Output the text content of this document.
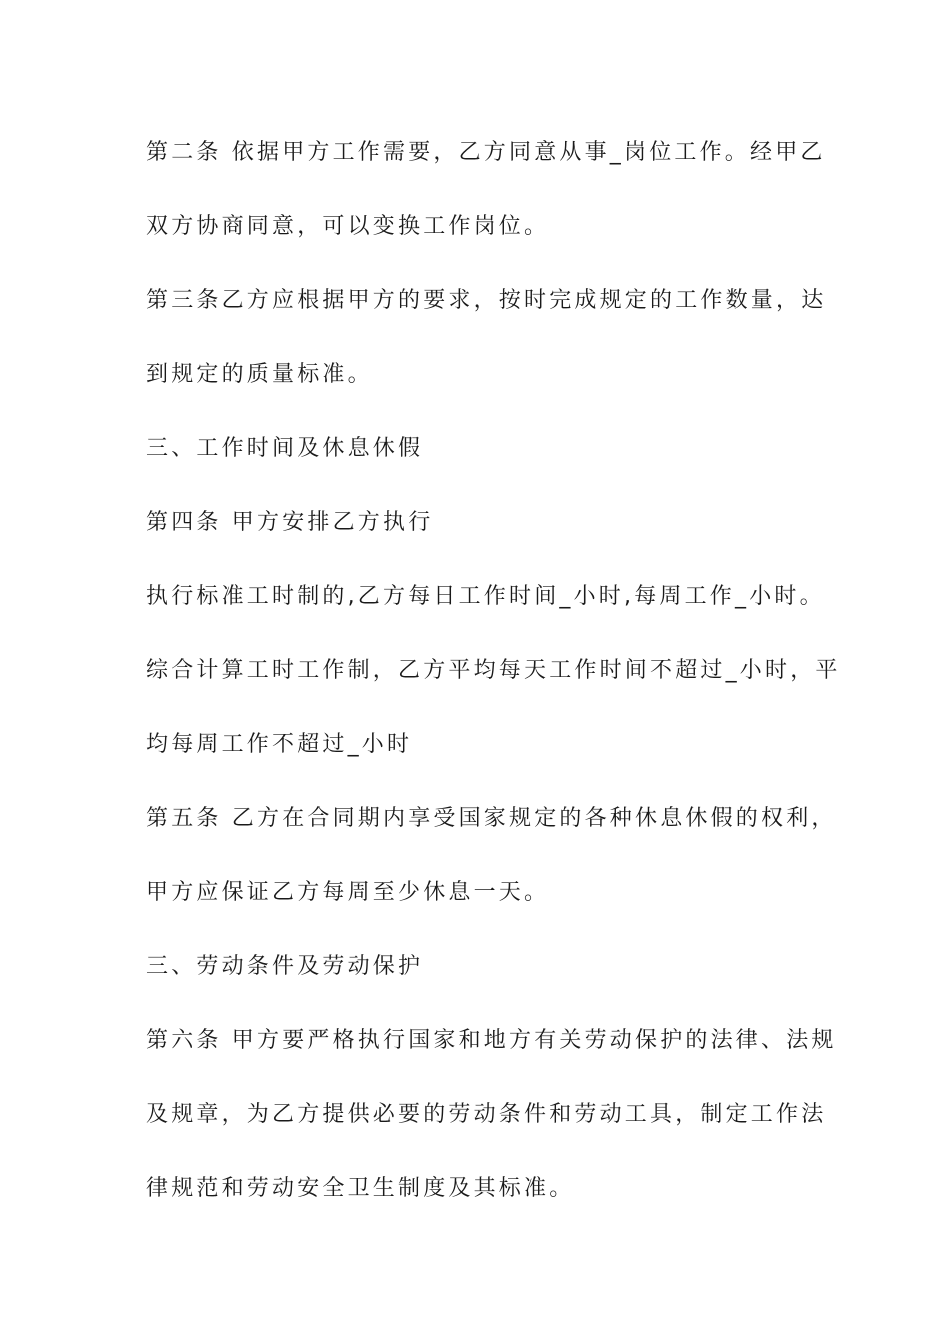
第二条 依据甲方工作需要，乙方同意从事_岗位工作。经甲乙

双方协商同意，可以变换工作岗位。

第三条乙方应根据甲方的要求，按时完成规定的工作数量，达

到规定的质量标准。

三、工作时间及休息休假

第四条 甲方安排乙方执行

执行标准工时制的,乙方每日工作时间_小时,每周工作_小时。

综合计算工时工作制，乙方平均每天工作时间不超过_小时，平

均每周工作不超过_小时

第五条 乙方在合同期内享受国家规定的各种休息休假的权利，

甲方应保证乙方每周至少休息一天。

三、劳动条件及劳动保护

第六条 甲方要严格执行国家和地方有关劳动保护的法律、法规

及规章，为乙方提供必要的劳动条件和劳动工具，制定工作法

律规范和劳动安全卫生制度及其标准。
